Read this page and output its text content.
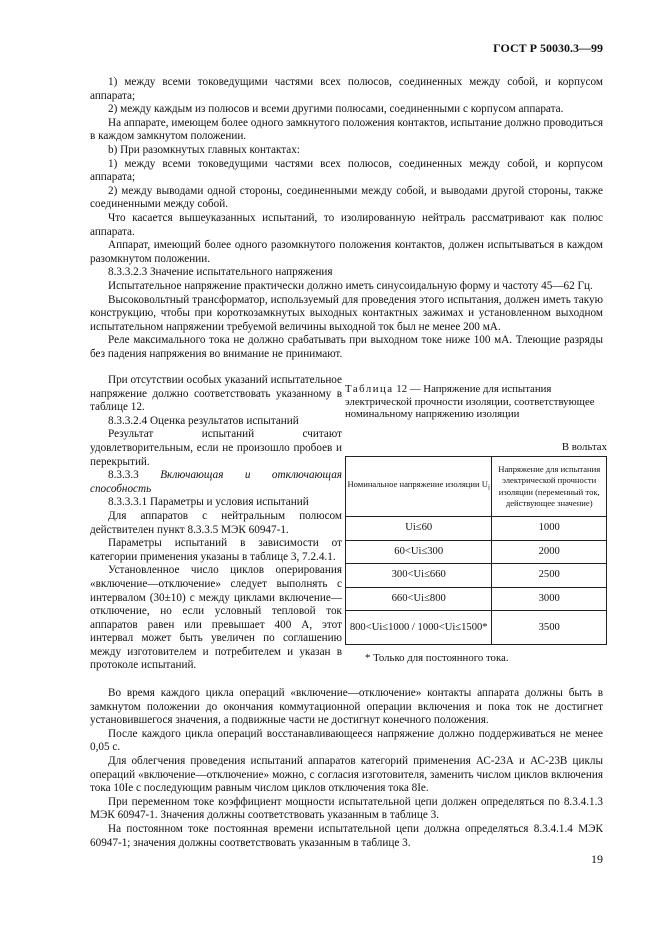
ГОСТ Р 50030.3—99

1) между всеми токоведущими частями всех полюсов, соединенных между собой, и корпусом аппарата;

2) между каждым из полюсов и всеми другими полюсами, соединенными с корпусом аппарата.

На аппарате, имеющем более одного замкнутого положения контактов, испытание должно проводиться в каждом замкнутом положении.

b) При разомкнутых главных контактах:

1) между всеми токоведущими частями всех полюсов, соединенных между собой, и корпусом аппарата;

2) между выводами одной стороны, соединенными между собой, и выводами другой стороны, также соединенными между собой.

Что касается вышеуказанных испытаний, то изолированную нейтраль рассматривают как полюс аппарата.

Аппарат, имеющий более одного разомкнутого положения контактов, должен испытываться в каждом разомкнутом положении.

8.3.3.2.3 Значение испытательного напряжения

Испытательное напряжение практически должно иметь синусоидальную форму и частоту 45—62 Гц.

Высоковольтный трансформатор, используемый для проведения этого испытания, должен иметь такую конструкцию, чтобы при короткозамкнутых выходных контактных зажимах и установленном выходном испытательном напряжении требуемой величины выходной ток был не менее 200 мА.

Реле максимального тока не должно срабатывать при выходном токе ниже 100 мА. Тлеющие разряды без падения напряжения во внимание не принимают.

При отсутствии особых указаний испытательное напряжение должно соответствовать указанному в таблице 12.

8.3.3.2.4 Оценка результатов испытаний

Результат испытаний считают удовлетворительным, если не произошло пробоев и перекрытий.

8.3.3.3 Включающая и отключающая способность

8.3.3.3.1 Параметры и условия испытаний

Для аппаратов с нейтральным полюсом действителен пункт 8.3.3.5 МЭК 60947-1.

Параметры испытаний в зависимости от категории применения указаны в таблице 3, 7.2.4.1.

Установленное число циклов оперирования «включение—отключение» следует выполнять с интервалом (30±10) с между циклами включение—отключение, но если условный тепловой ток аппаратов равен или превышает 400 А, этот интервал может быть увеличен по соглашению между изготовителем и потребителем и указан в протоколе испытаний.

Таблица 12 — Напряжение для испытания электрической прочности изоляции, соответствующее номинальному напряжению изоляции
В вольтах
Номинальное напряжение изоляции $U_i$	Напряжение для испытания электрической прочности изоляции (переменный ток, действующее значение)
Ui≤60	1000
60<Ui≤300	2000
300<Ui≤660	2500
660<Ui≤800	3000
800<Ui≤1000 / 1000<Ui≤1500*	3500
* Только для постоянного тока.

Во время каждого цикла операций «включение—отключение» контакты аппарата должны быть в замкнутом положении до окончания коммутационной операции включения и пока ток не достигнет установившегося значения, а подвижные части не достигнут конечного положения.

После каждого цикла операций восстанавливающееся напряжение должно поддерживаться не менее 0,05 с.

Для облегчения проведения испытаний аппаратов категорий применения АС-23А и АС-23В циклы операций «включение—отключение» можно, с согласия изготовителя, заменить числом циклов включения тока 10Ie с последующим равным числом циклов отключения тока 8Ie.

При переменном токе коэффициент мощности испытательной цепи должен определяться по 8.3.4.1.3 МЭК 60947-1. Значения должны соответствовать указанным в таблице 3.

На постоянном токе постоянная времени испытательной цепи должна определяться 8.3.4.1.4 МЭК 60947-1; значения должны соответствовать указанным в таблице 3.

19
